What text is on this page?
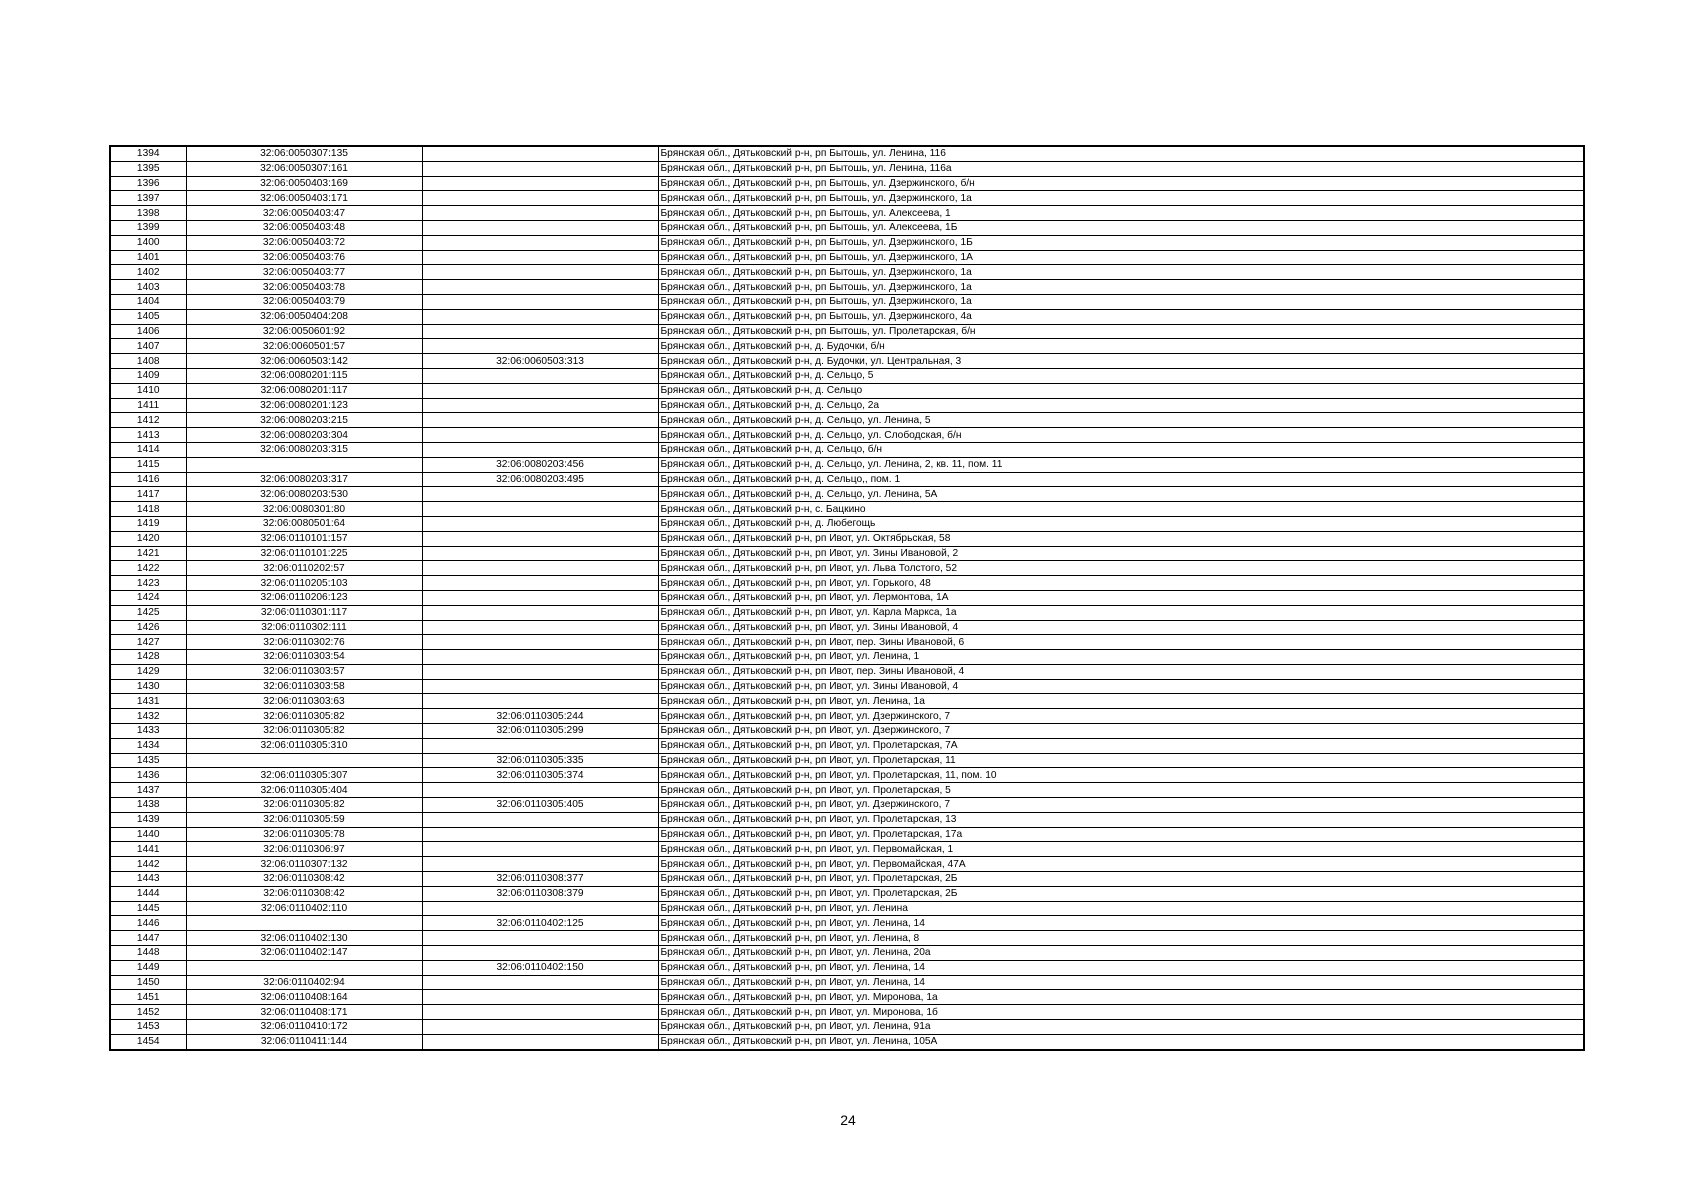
1394	32:06:0050307:135		Брянская обл., Дятьковский р-н, рп Бытошь, ул. Ленина, 116
1395	32:06:0050307:161		Брянская обл., Дятьковский р-н, рп Бытошь, ул. Ленина, 116а
1396	32:06:0050403:169		Брянская обл., Дятьковский р-н, рп Бытошь, ул. Дзержинского, б/н
1397	32:06:0050403:171		Брянская обл., Дятьковский р-н, рп Бытошь, ул. Дзержинского, 1а
1398	32:06:0050403:47		Брянская обл., Дятьковский р-н, рп Бытошь, ул. Алексеева, 1
1399	32:06:0050403:48		Брянская обл., Дятьковский р-н, рп Бытошь, ул. Алексеева, 1Б
1400	32:06:0050403:72		Брянская обл., Дятьковский р-н, рп Бытошь, ул. Дзержинского, 1Б
1401	32:06:0050403:76		Брянская обл., Дятьковский р-н, рп Бытошь, ул. Дзержинского, 1А
1402	32:06:0050403:77		Брянская обл., Дятьковский р-н, рп Бытошь, ул. Дзержинского, 1а
1403	32:06:0050403:78		Брянская обл., Дятьковский р-н, рп Бытошь, ул. Дзержинского, 1а
1404	32:06:0050403:79		Брянская обл., Дятьковский р-н, рп Бытошь, ул. Дзержинского, 1а
1405	32:06:0050404:208		Брянская обл., Дятьковский р-н, рп Бытошь, ул. Дзержинского, 4а
1406	32:06:0050601:92		Брянская обл., Дятьковский р-н, рп Бытошь, ул. Пролетарская, б/н
1407	32:06:0060501:57		Брянская обл., Дятьковский р-н, д. Будочки, б/н
1408	32:06:0060503:142	32:06:0060503:313	Брянская обл., Дятьковский р-н, д. Будочки, ул. Центральная, 3
1409	32:06:0080201:115		Брянская обл., Дятьковский р-н, д. Сельцо, 5
1410	32:06:0080201:117		Брянская обл., Дятьковский р-н, д. Сельцо
1411	32:06:0080201:123		Брянская обл., Дятьковский р-н, д. Сельцо, 2а
1412	32:06:0080203:215		Брянская обл., Дятьковский р-н, д. Сельцо, ул. Ленина, 5
1413	32:06:0080203:304		Брянская обл., Дятьковский р-н, д. Сельцо, ул. Слободская, б/н
1414	32:06:0080203:315		Брянская обл., Дятьковский р-н, д. Сельцо, б/н
1415		32:06:0080203:456	Брянская обл., Дятьковский р-н, д. Сельцо, ул. Ленина, 2, кв. 11, пом. 11
1416	32:06:0080203:317	32:06:0080203:495	Брянская обл., Дятьковский р-н, д. Сельцо,, пом. 1
1417	32:06:0080203:530		Брянская обл., Дятьковский р-н, д. Сельцо, ул. Ленина, 5А
1418	32:06:0080301:80		Брянская обл., Дятьковский р-н, с. Бацкино
1419	32:06:0080501:64		Брянская обл., Дятьковский р-н, д. Любегощь
1420	32:06:0110101:157		Брянская обл., Дятьковский р-н, рп Ивот, ул. Октябрьская, 58
1421	32:06:0110101:225		Брянская обл., Дятьковский р-н, рп Ивот, ул. Зины Ивановой, 2
1422	32:06:0110202:57		Брянская обл., Дятьковский р-н, рп Ивот, ул. Льва Толстого, 52
1423	32:06:0110205:103		Брянская обл., Дятьковский р-н, рп Ивот, ул. Горького, 48
1424	32:06:0110206:123		Брянская обл., Дятьковский р-н, рп Ивот, ул. Лермонтова, 1А
1425	32:06:0110301:117		Брянская обл., Дятьковский р-н, рп Ивот, ул. Карла Маркса, 1а
1426	32:06:0110302:111		Брянская обл., Дятьковский р-н, рп Ивот, ул. Зины Ивановой, 4
1427	32:06:0110302:76		Брянская обл., Дятьковский р-н, рп Ивот, пер. Зины Ивановой, 6
1428	32:06:0110303:54		Брянская обл., Дятьковский р-н, рп Ивот, ул. Ленина, 1
1429	32:06:0110303:57		Брянская обл., Дятьковский р-н, рп Ивот, пер. Зины Ивановой, 4
1430	32:06:0110303:58		Брянская обл., Дятьковский р-н, рп Ивот, ул. Зины Ивановой, 4
1431	32:06:0110303:63		Брянская обл., Дятьковский р-н, рп Ивот, ул. Ленина, 1а
1432	32:06:0110305:82	32:06:0110305:244	Брянская обл., Дятьковский р-н, рп Ивот, ул. Дзержинского, 7
1433	32:06:0110305:82	32:06:0110305:299	Брянская обл., Дятьковский р-н, рп Ивот, ул. Дзержинского, 7
1434	32:06:0110305:310		Брянская обл., Дятьковский р-н, рп Ивот, ул. Пролетарская, 7А
1435		32:06:0110305:335	Брянская обл., Дятьковский р-н, рп Ивот, ул. Пролетарская, 11
1436	32:06:0110305:307	32:06:0110305:374	Брянская обл., Дятьковский р-н, рп Ивот, ул. Пролетарская, 11, пом. 10
1437	32:06:0110305:404		Брянская обл., Дятьковский р-н, рп Ивот, ул. Пролетарская, 5
1438	32:06:0110305:82	32:06:0110305:405	Брянская обл., Дятьковский р-н, рп Ивот, ул. Дзержинского, 7
1439	32:06:0110305:59		Брянская обл., Дятьковский р-н, рп Ивот, ул. Пролетарская, 13
1440	32:06:0110305:78		Брянская обл., Дятьковский р-н, рп Ивот, ул. Пролетарская, 17а
1441	32:06:0110306:97		Брянская обл., Дятьковский р-н, рп Ивот, ул. Первомайская, 1
1442	32:06:0110307:132		Брянская обл., Дятьковский р-н, рп Ивот, ул. Первомайская, 47А
1443	32:06:0110308:42	32:06:0110308:377	Брянская обл., Дятьковский р-н, рп Ивот, ул. Пролетарская, 2Б
1444	32:06:0110308:42	32:06:0110308:379	Брянская обл., Дятьковский р-н, рп Ивот, ул. Пролетарская, 2Б
1445	32:06:0110402:110		Брянская обл., Дятьковский р-н, рп Ивот, ул. Ленина
1446		32:06:0110402:125	Брянская обл., Дятьковский р-н, рп Ивот, ул. Ленина, 14
1447	32:06:0110402:130		Брянская обл., Дятьковский р-н, рп Ивот, ул. Ленина, 8
1448	32:06:0110402:147		Брянская обл., Дятьковский р-н, рп Ивот, ул. Ленина, 20а
1449		32:06:0110402:150	Брянская обл., Дятьковский р-н, рп Ивот, ул. Ленина, 14
1450	32:06:0110402:94		Брянская обл., Дятьковский р-н, рп Ивот, ул. Ленина, 14
1451	32:06:0110408:164		Брянская обл., Дятьковский р-н, рп Ивот, ул. Миронова, 1а
1452	32:06:0110408:171		Брянская обл., Дятьковский р-н, рп Ивот, ул. Миронова, 1б
1453	32:06:0110410:172		Брянская обл., Дятьковский р-н, рп Ивот, ул. Ленина, 91а
1454	32:06:0110411:144		Брянская обл., Дятьковский р-н, рп Ивот, ул. Ленина, 105А
24
